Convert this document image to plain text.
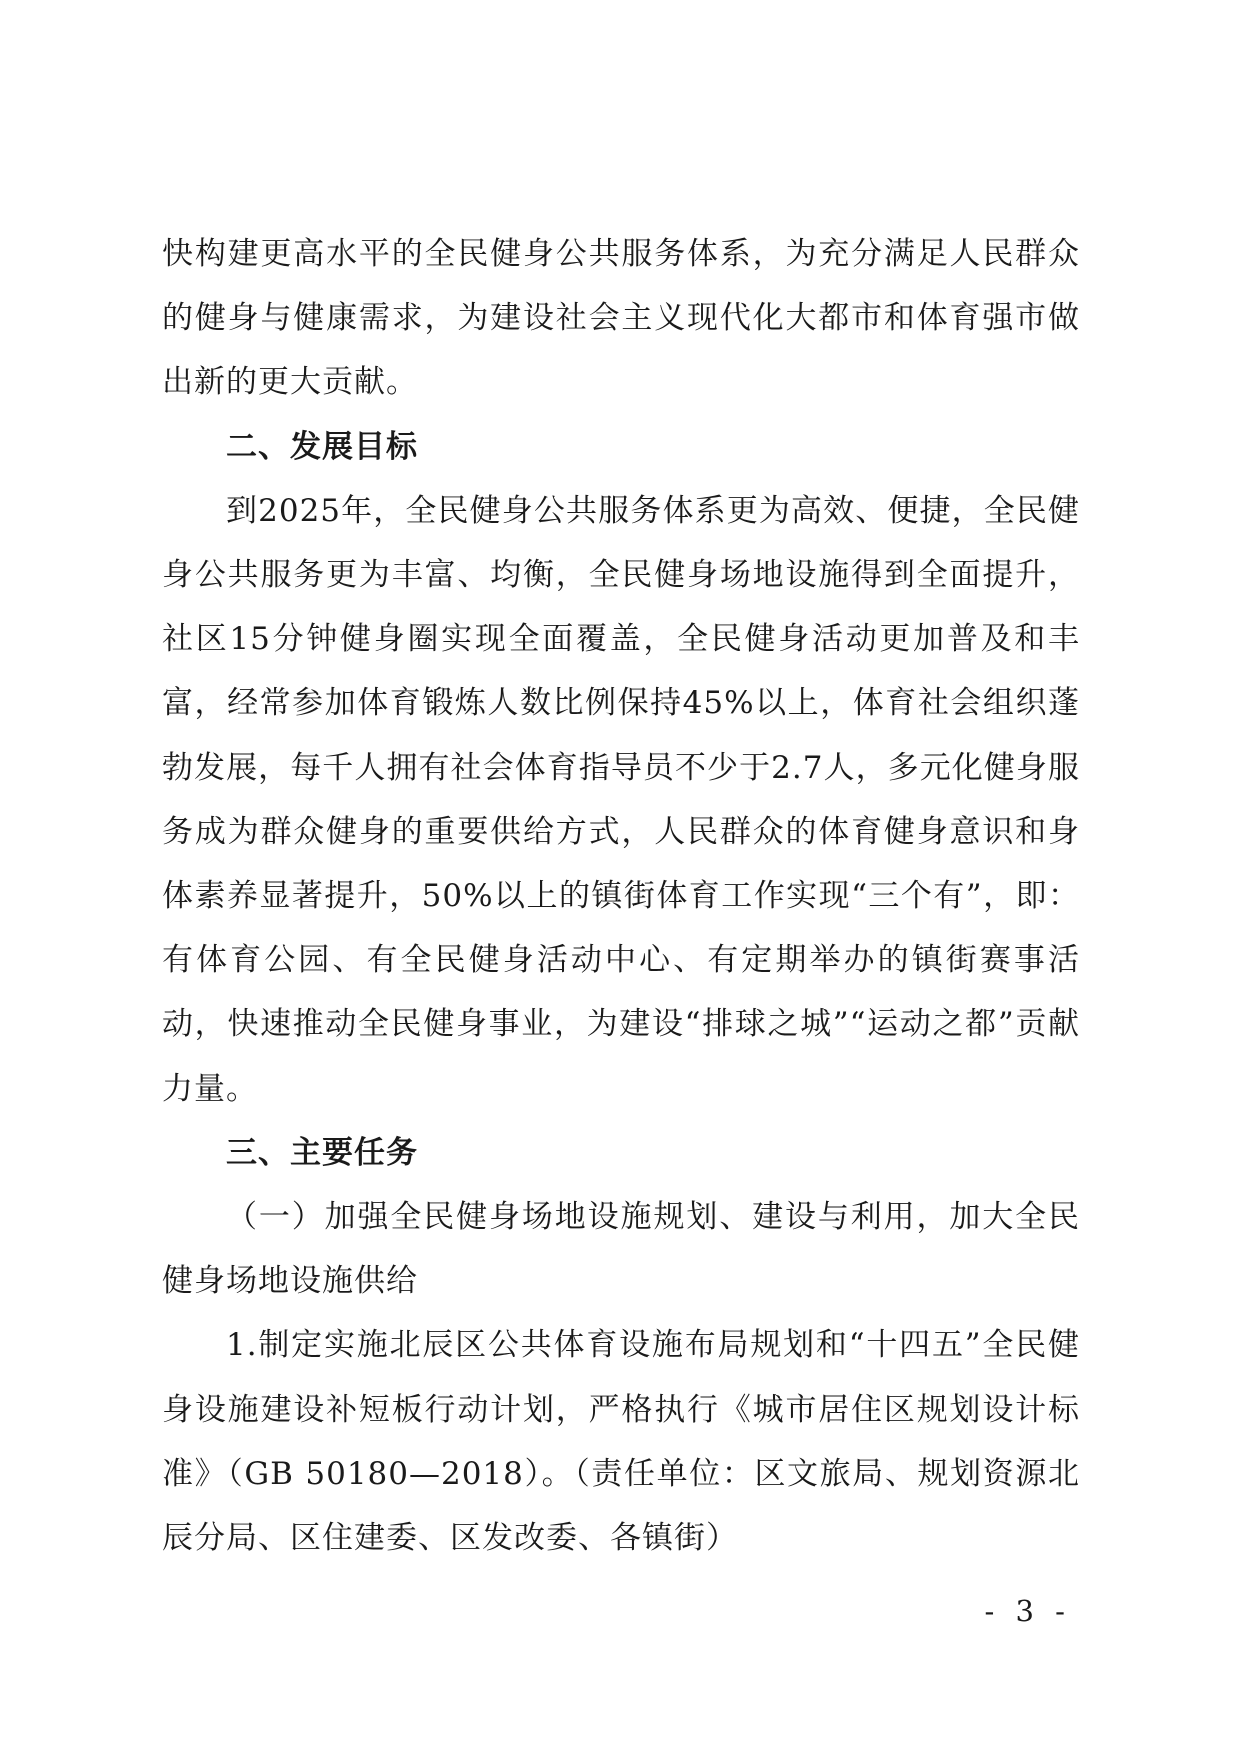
快构建更高水平的全民健身公共服务体系，为充分满足人民群众的健身与健康需求，为建设社会主义现代化大都市和体育强市做出新的更大贡献。

二、发展目标

到2025年，全民健身公共服务体系更为高效、便捷，全民健身公共服务更为丰富、均衡，全民健身场地设施得到全面提升，社区15分钟健身圈实现全面覆盖，全民健身活动更加普及和丰富，经常参加体育锻炼人数比例保持45%以上，体育社会组织蓬勃发展，每千人拥有社会体育指导员不少于2.7人，多元化健身服务成为群众健身的重要供给方式，人民群众的体育健身意识和身体素养显著提升，50%以上的镇街体育工作实现“三个有”，即：有体育公园、有全民健身活动中心、有定期举办的镇街赛事活动，快速推动全民健身事业，为建设“排球之城”“运动之都”贡献力量。

三、主要任务

（一）加强全民健身场地设施规划、建设与利用，加大全民健身场地设施供给

1.制定实施北辰区公共体育设施布局规划和“十四五”全民健身设施建设补短板行动计划，严格执行《城市居住区规划设计标准》（GB 50180—2018）。（责任单位：区文旅局、规划资源北辰分局、区住建委、区发改委、各镇街）

- 3 -
